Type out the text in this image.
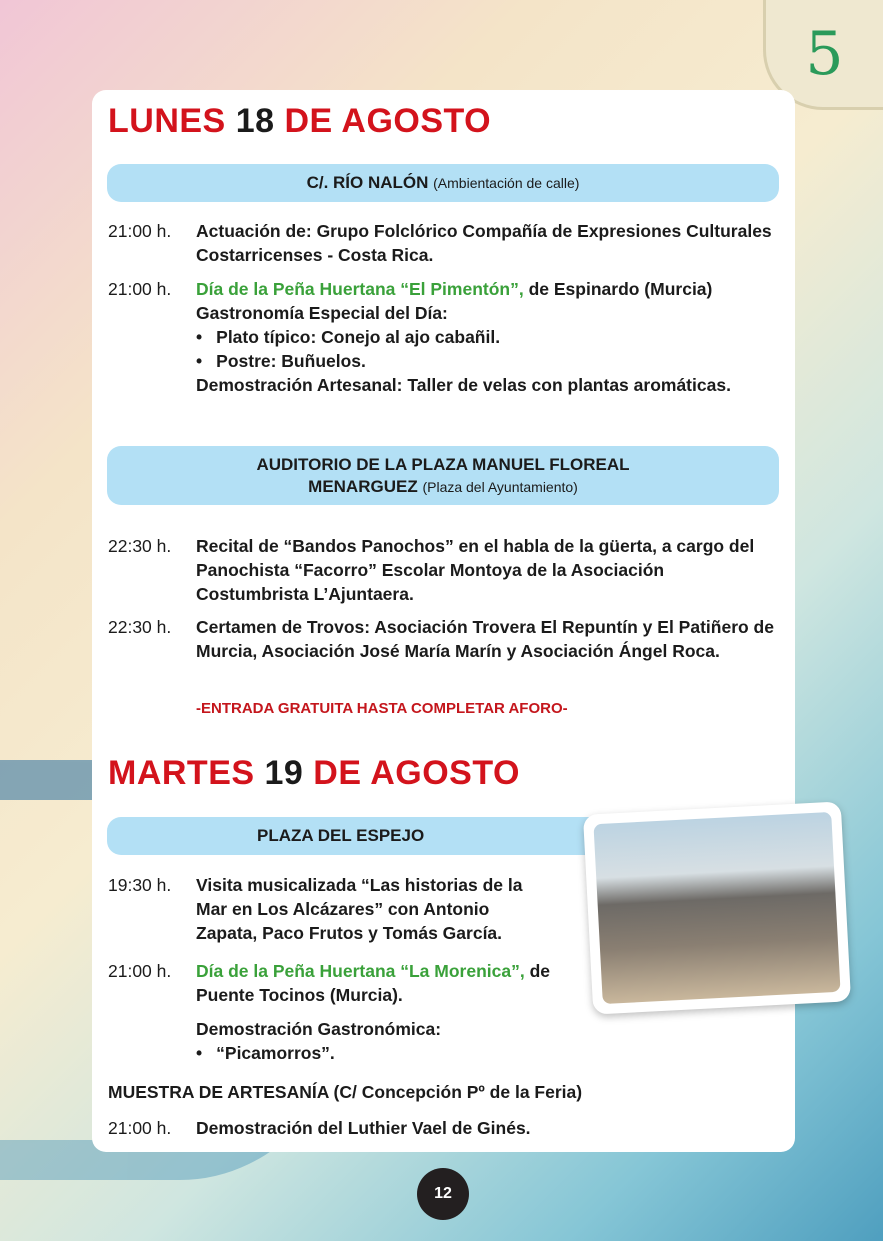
5
LUNES 18 DE AGOSTO
C/. RÍO NALÓN (Ambientación de calle)
21:00 h.	Actuación de: Grupo Folclórico Compañía de Expresiones Culturales Costarricenses - Costa Rica.
21:00 h.	Día de la Peña Huertana “El Pimentón”, de Espinardo (Murcia)
Gastronomía Especial del Día:
• Plato típico: Conejo al ajo cabañil.
• Postre: Buñuelos.
Demostración Artesanal: Taller de velas con plantas aromáticas.
AUDITORIO DE LA PLAZA MANUEL FLOREAL
MENARGUEZ (Plaza del Ayuntamiento)
22:30 h.	Recital de “Bandos Panochos” en el habla de la güerta, a cargo del Panochista “Facorro” Escolar Montoya de la Asociación Costumbrista L’Ajuntaera.
22:30 h.	Certamen de Trovos: Asociación Trovera El Repuntín y El Patiñero de Murcia, Asociación José María Marín y Asociación Ángel Roca.
-ENTRADA GRATUITA HASTA COMPLETAR AFORO-
MARTES 19 DE AGOSTO
PLAZA DEL ESPEJO
19:30 h.	Visita musicalizada “Las historias de la Mar en Los Alcázares” con Antonio Zapata, Paco Frutos y Tomás García.
21:00 h.	Día de la Peña Huertana “La Morenica”, de Puente Tocinos (Murcia).
Demostración Gastronómica:
• “Picamorros”.
MUESTRA DE ARTESANÍA (C/ Concepción Pº de la Feria)
21:00 h.	Demostración del Luthier Vael de Ginés.
12
